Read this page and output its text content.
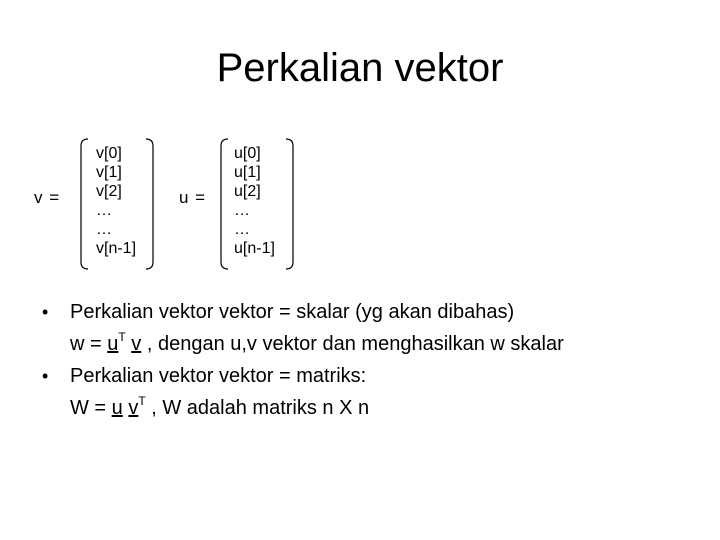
Perkalian vektor
v =
v[0]
v[1]
v[2]
…
…
v[n-1]
u =
u[0]
u[1]
u[2]
…
…
u[n-1]
• Perkalian vektor vektor = skalar (yg akan dibahas)
$w = u^T$ v , dengan u,v vektor dan menghasilkan w skalar
• Perkalian vektor vektor = matriks:
W = u $v^T$ , W adalah matriks n X n
